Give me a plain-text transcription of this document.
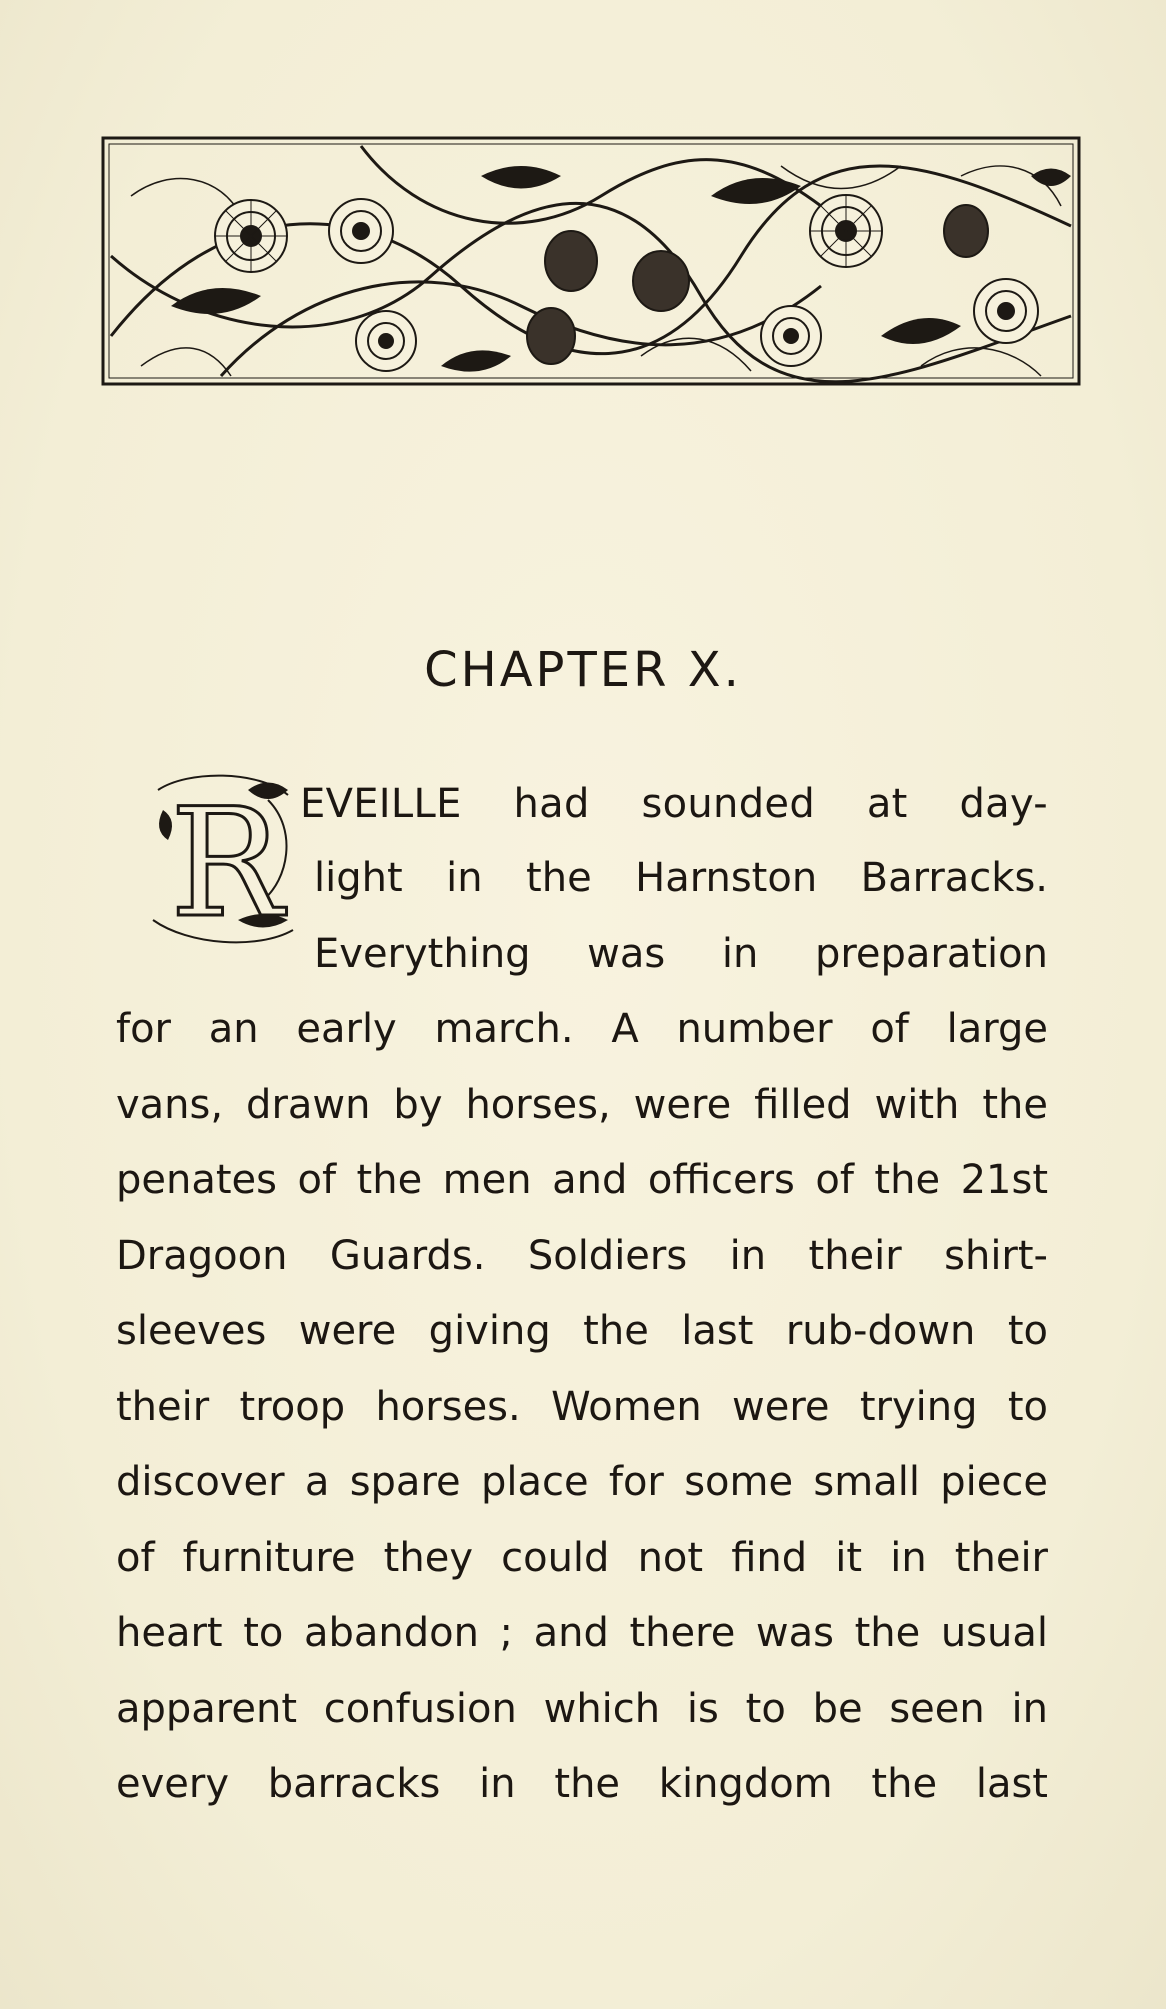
CHAPTER X.
R EVEILLE had sounded at day-
light in the Harnston Barracks.
Everything was in preparation
for an early march. A number of large
vans, drawn by horses, were filled with the
penates of the men and officers of the 21st
Dragoon Guards. Soldiers in their shirt-
sleeves were giving the last rub-down to
their troop horses. Women were trying to
discover a spare place for some small piece
of furniture they could not find it in their
heart to abandon ; and there was the usual
apparent confusion which is to be seen in
every barracks in the kingdom the last
